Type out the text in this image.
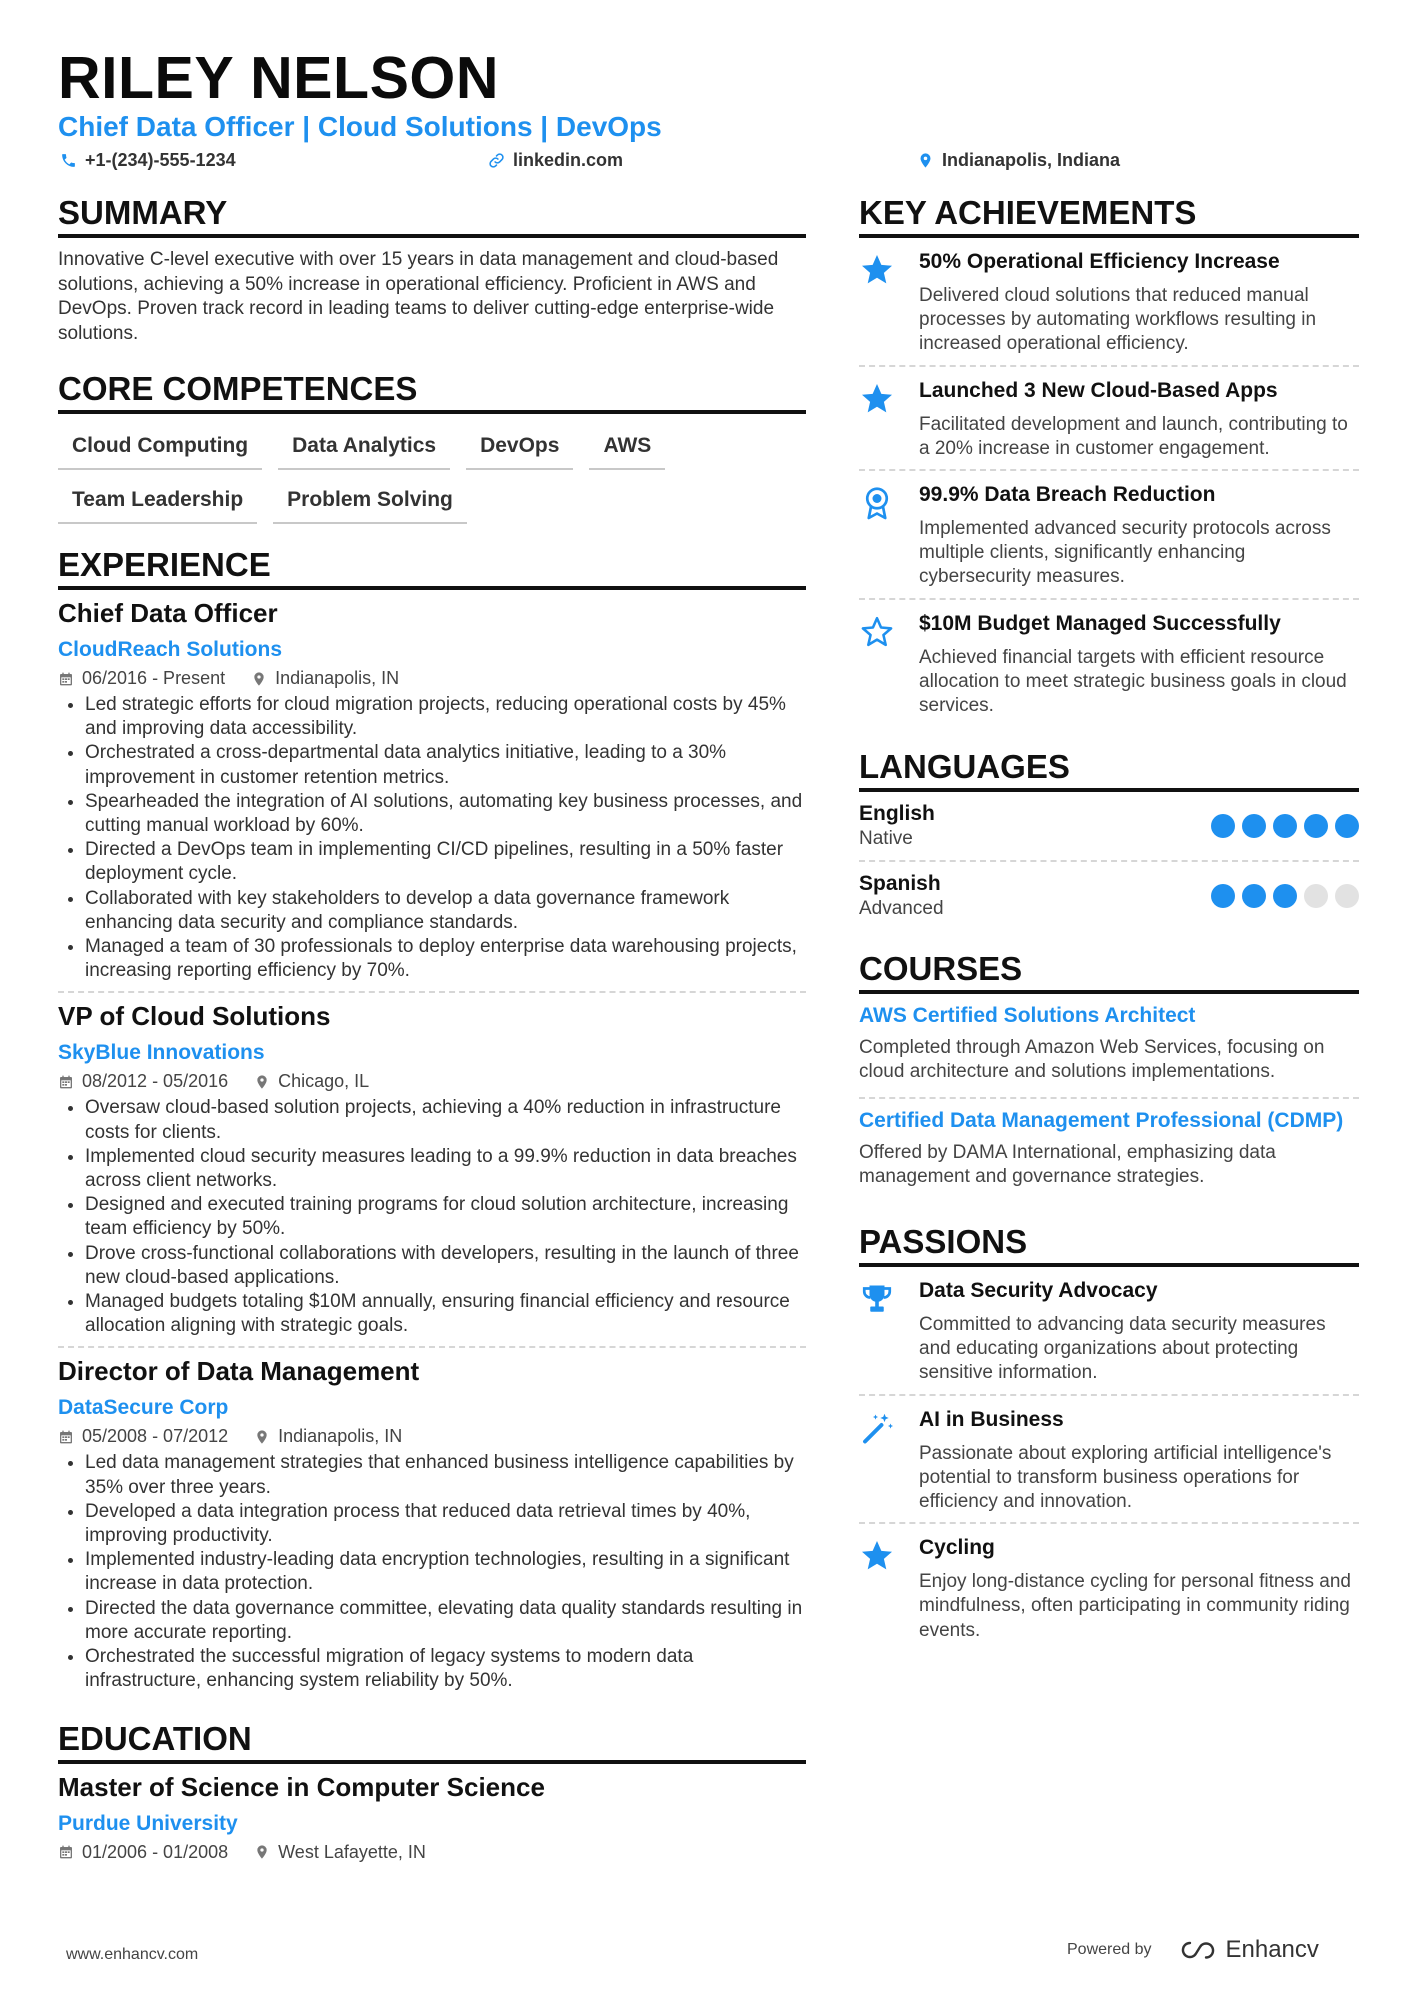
RILEY NELSON
Chief Data Officer | Cloud Solutions | DevOps
+1-(234)-555-1234	linkedin.com	Indianapolis, Indiana
SUMMARY

Innovative C-level executive with over 15 years in data management and cloud-based solutions, achieving a 50% increase in operational efficiency. Proficient in AWS and DevOps. Proven track record in leading teams to deliver cutting-edge enterprise-wide solutions.

CORE COMPETENCES
Cloud Computing	Data Analytics	DevOps	AWS
Team Leadership	Problem Solving
EXPERIENCE
Chief Data Officer
CloudReach Solutions
06/2016 - Present	Indianapolis, IN
• Led strategic efforts for cloud migration projects, reducing operational costs by 45% and improving data accessibility.
• Orchestrated a cross-departmental data analytics initiative, leading to a 30% improvement in customer retention metrics.
• Spearheaded the integration of AI solutions, automating key business processes, and cutting manual workload by 60%.
• Directed a DevOps team in implementing CI/CD pipelines, resulting in a 50% faster deployment cycle.
• Collaborated with key stakeholders to develop a data governance framework enhancing data security and compliance standards.
• Managed a team of 30 professionals to deploy enterprise data warehousing projects, increasing reporting efficiency by 70%.
VP of Cloud Solutions
SkyBlue Innovations
08/2012 - 05/2016	Chicago, IL
• Oversaw cloud-based solution projects, achieving a 40% reduction in infrastructure costs for clients.
• Implemented cloud security measures leading to a 99.9% reduction in data breaches across client networks.
• Designed and executed training programs for cloud solution architecture, increasing team efficiency by 50%.
• Drove cross-functional collaborations with developers, resulting in the launch of three new cloud-based applications.
• Managed budgets totaling $10M annually, ensuring financial efficiency and resource allocation aligning with strategic goals.
Director of Data Management
DataSecure Corp
05/2008 - 07/2012	Indianapolis, IN
• Led data management strategies that enhanced business intelligence capabilities by 35% over three years.
• Developed a data integration process that reduced data retrieval times by 40%, improving productivity.
• Implemented industry-leading data encryption technologies, resulting in a significant increase in data protection.
• Directed the data governance committee, elevating data quality standards resulting in more accurate reporting.
• Orchestrated the successful migration of legacy systems to modern data infrastructure, enhancing system reliability by 50%.
EDUCATION
Master of Science in Computer Science
Purdue University
01/2006 - 01/2008	West Lafayette, IN
KEY ACHIEVEMENTS
50% Operational Efficiency Increase
Delivered cloud solutions that reduced manual processes by automating workflows resulting in increased operational efficiency.
Launched 3 New Cloud-Based Apps
Facilitated development and launch, contributing to a 20% increase in customer engagement.
99.9% Data Breach Reduction
Implemented advanced security protocols across multiple clients, significantly enhancing cybersecurity measures.
$10M Budget Managed Successfully
Achieved financial targets with efficient resource allocation to meet strategic business goals in cloud services.
LANGUAGES
English
Native
Spanish
Advanced
COURSES
AWS Certified Solutions Architect
Completed through Amazon Web Services, focusing on cloud architecture and solutions implementations.
Certified Data Management Professional (CDMP)
Offered by DAMA International, emphasizing data management and governance strategies.
PASSIONS
Data Security Advocacy
Committed to advancing data security measures and educating organizations about protecting sensitive information.
AI in Business
Passionate about exploring artificial intelligence's potential to transform business operations for efficiency and innovation.
Cycling
Enjoy long-distance cycling for personal fitness and mindfulness, often participating in community riding events.
www.enhancv.com	Powered by	Enhancv
